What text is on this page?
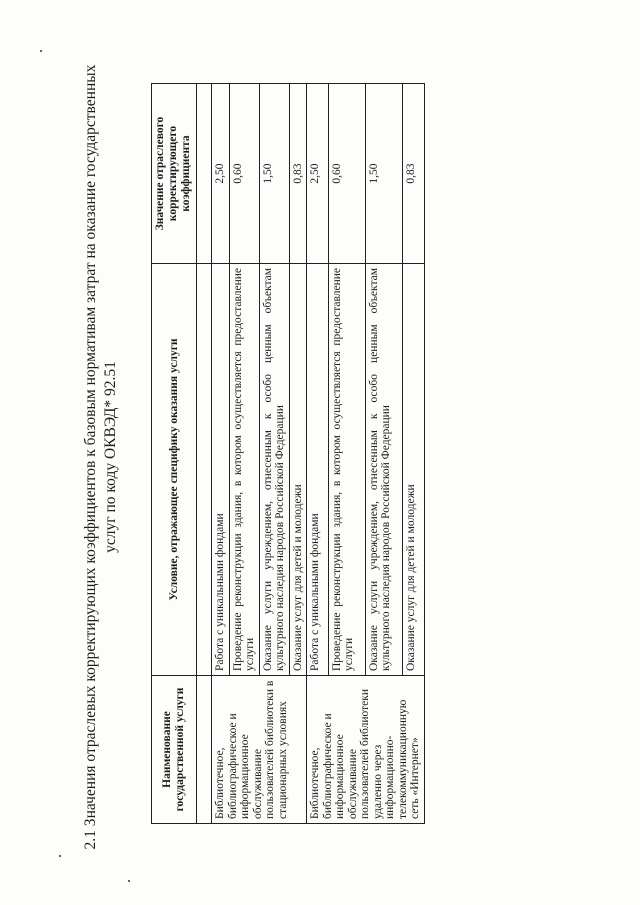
2.1 Значения отраслевых корректирующих коэффициентов к базовым нормативам затрат на оказание государственных услуг по коду ОКВЭД* 92.51

Наименование государственной услуги	Условие, отражающее специфику оказания услуги	Значение отраслевого корректирующего коэффициента

Библиотечное, библиографическое и информационное обслуживание пользователей библиотеки в стационарных условиях	Работа с уникальными фондами	2,50
	Проведение реконструкции здания, в котором осуществляется предоставление услуги	0,60
	Оказание услуги учреждением, отнесенным к особо ценным объектам культурного наследия народов Российской Федерации	1,50
	Оказание услуг для детей и молодежи	0,83
Библиотечное, библиографическое и информационное обслуживание пользователей библиотеки удаленно через информационно-телекоммуникационную сеть «Интернет»	Работа с уникальными фондами	2,50
	Проведение реконструкции здания, в котором осуществляется предоставление услуги	0,60
	Оказание услуги учреждением, отнесенным к особо ценным объектам культурного наследия народов Российской Федерации	1,50
	Оказание услуг для детей и молодежи	0,83
